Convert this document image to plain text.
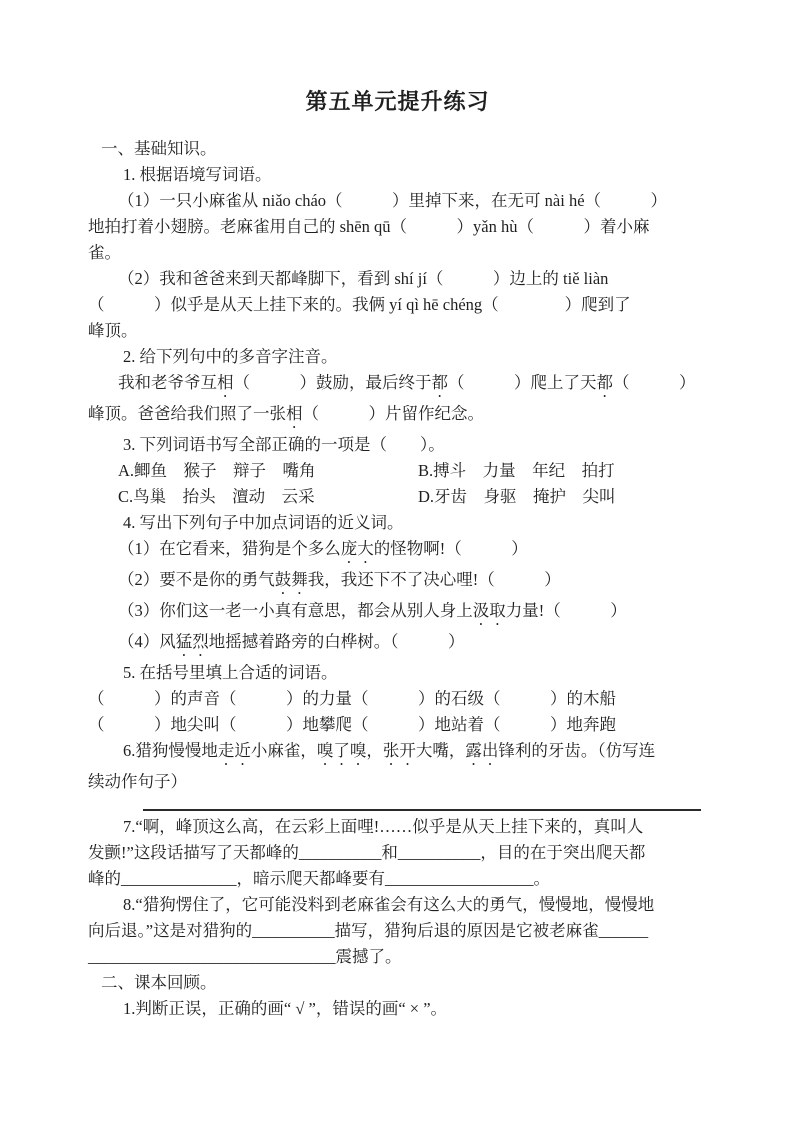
第五单元提升练习

一、基础知识。

1. 根据语境写词语。

（1）一只小麻雀从 niǎo cháo（　　　）里掉下来，在无可 nài hé（　　　）

地拍打着小翅膀。老麻雀用自己的 shēn qū（　　　）yǎn hù（　　　）着小麻

雀。

（2）我和爸爸来到天都峰脚下，看到 shí jí（　　　）边上的 tiě liàn

（　　　）似乎是从天上挂下来的。我俩 yí qì hē chéng（　　　　）爬到了

峰顶。

2. 给下列句中的多音字注音。

我和老爷爷互相（　　　）鼓励，最后终于都（　　　）爬上了天都（　　　）

峰顶。爸爸给我们照了一张相（　　　）片留作纪念。

3. 下列词语书写全部正确的一项是（　　）。

A.鲫鱼　猴子　辩子　嘴角	B.搏斗　力量　年纪　拍打

C.鸟巢　抬头　澶动　云采	D.牙齿　身驱　掩护　尖叫

4. 写出下列句子中加点词语的近义词。

（1）在它看来，猎狗是个多么庞大的怪物啊!（　　　）

（2）要不是你的勇气鼓舞我，我还下不了决心哩!（　　　）

（3）你们这一老一小真有意思，都会从别人身上汲取力量!（　　　）

（4）风猛烈地摇撼着路旁的白桦树。（　　　）

5. 在括号里填上合适的词语。

（　　　）的声音（　　　）的力量（　　　）的石级（　　　）的木船

（　　　）地尖叫（　　　）地攀爬（　　　）地站着（　　　）地奔跑

6.猎狗慢慢地走近小麻雀，嗅了嗅，张开大嘴，露出锋利的牙齿。（仿写连

续动作句子）

7.“啊，峰顶这么高，在云彩上面哩!……似乎是从天上挂下来的，真叫人

发颤!”这段话描写了天都峰的__________和__________，目的在于突出爬天都

峰的______________，暗示爬天都峰要有__________________。

8.“猎狗愣住了，它可能没料到老麻雀会有这么大的勇气，慢慢地，慢慢地

向后退。”这是对猎狗的__________描写，猎狗后退的原因是它被老麻雀______

______________________________震撼了。

二、课本回顾。

1.判断正误，正确的画“ √ ”，错误的画“ × ”。
